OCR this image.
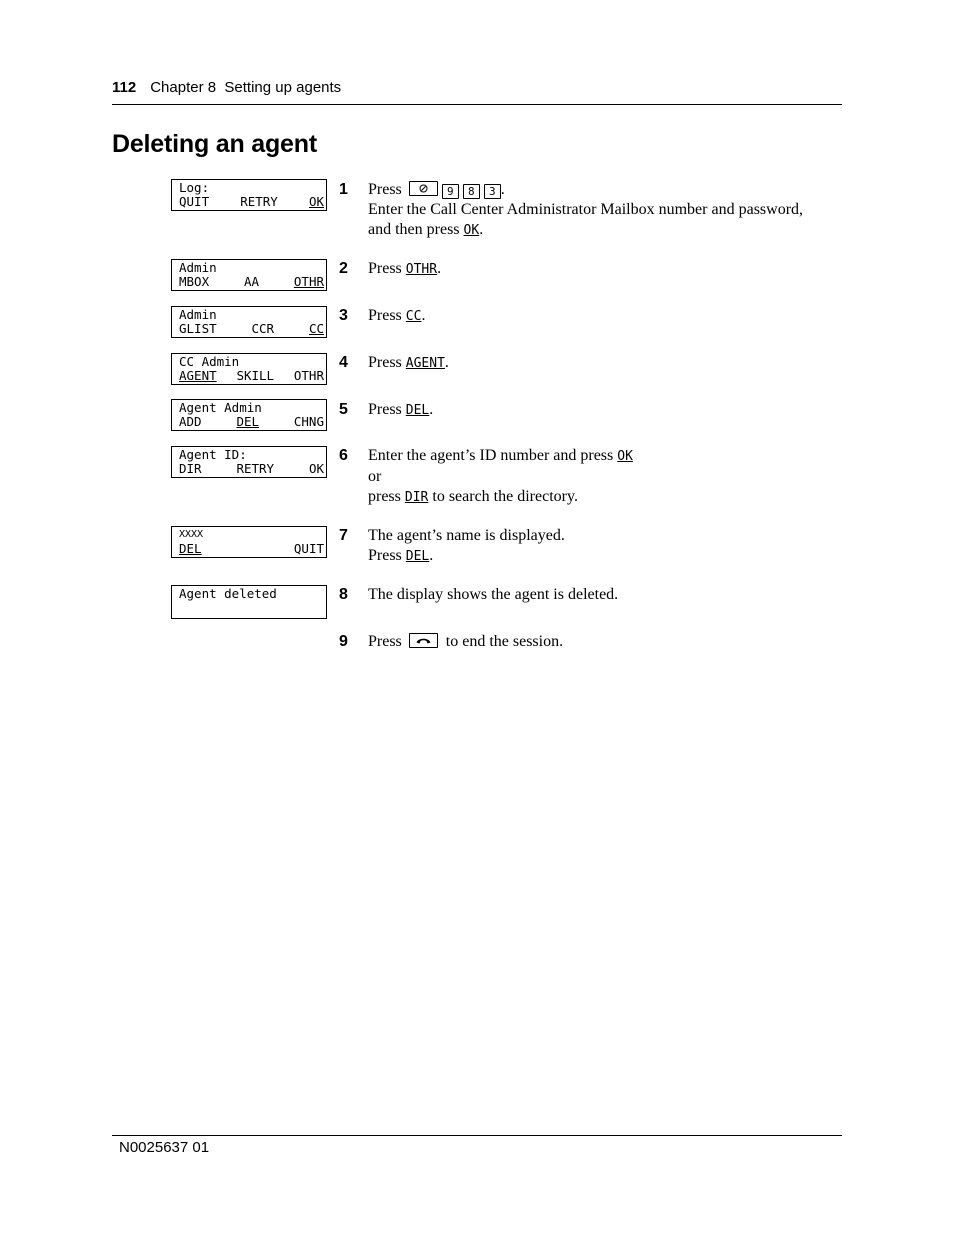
112 Chapter 8  Setting up agents
Deleting an agent
Log:
QUIT RETRY OK
Admin
MBOX	AA	OTHR
Admin
GLIST	CCR	CC
CC Admin
AGENT SKILL OTHR
Agent Admin
ADD	DEL	CHNG
Agent ID:
DIR	RETRY	OK
XXXX
DEL	QUIT
Agent deleted
1 Press	9 8 3 .
Enter the Call Center Administrator Mailbox number and password,
and then press OK.
2 Press OTHR.
3 Press CC.
4 Press AGENT.
5 Press DEL.
6 Enter the agent’s ID number and press OK
or
press DIR to search the directory.
7 The agent’s name is displayed.
Press DEL.
8 The display shows the agent is deleted.
9 Press	to end the session.
N0025637 01
